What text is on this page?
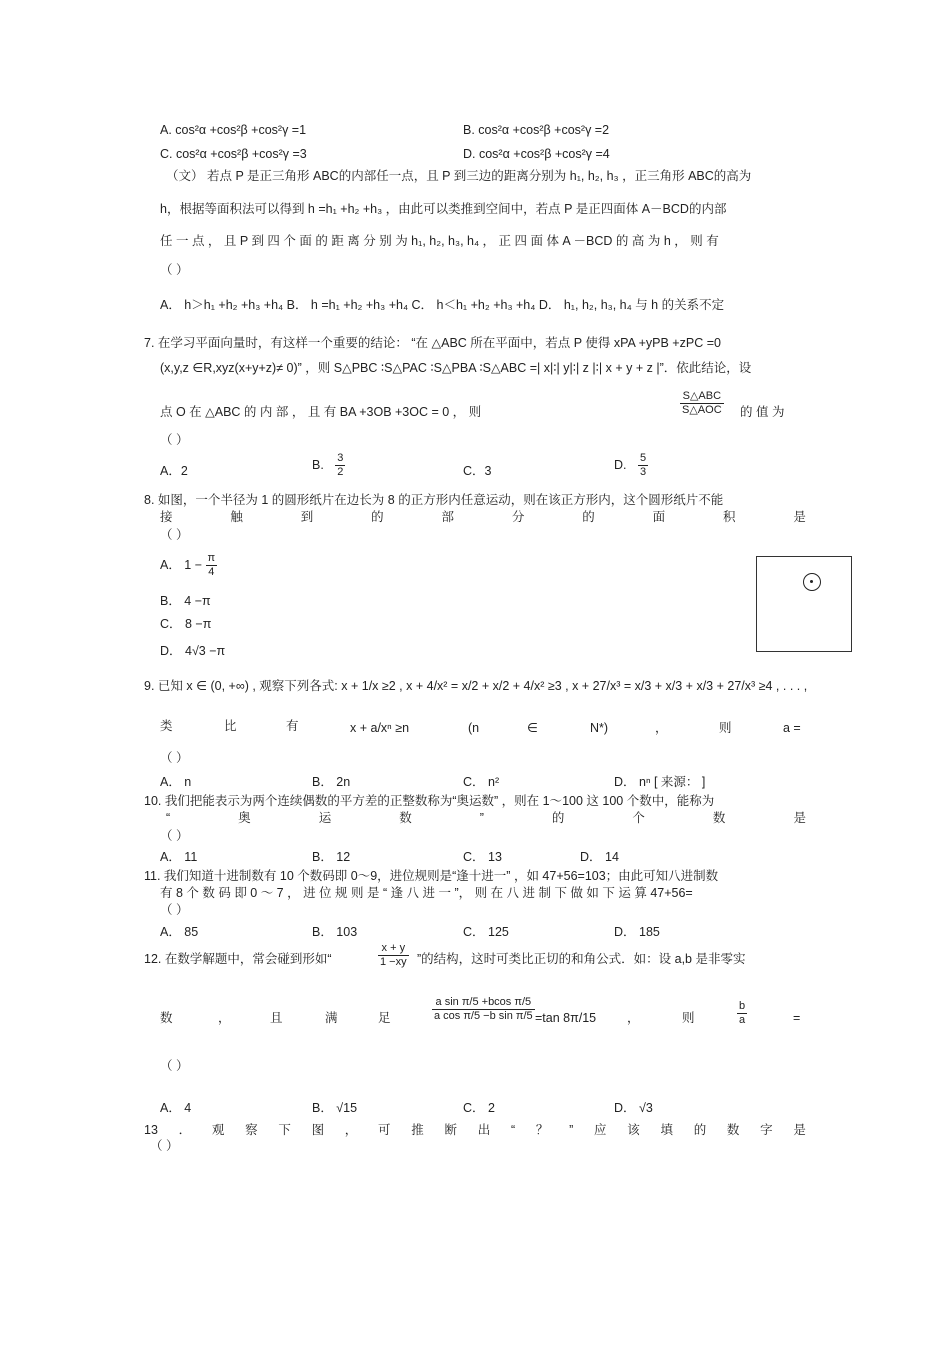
A. cos²α +cos²β +cos²γ =1	B. cos²α +cos²β +cos²γ =2
C. cos²α +cos²β +cos²γ =3	D. cos²α +cos²β +cos²γ =4
（文） 若点 P 是正三角形 ABC的内部任一点，且 P 到三边的距离分别为 h₁, h₂, h₃ ，正三角形 ABC的高为
h，根据等面积法可以得到 h =h₁ +h₂ +h₃ ，由此可以类推到空间中，若点 P 是正四面体 A－BCD的内部
任 一 点 ， 且 P 到 四 个 面 的 距 离 分 别 为 h₁, h₂, h₃, h₄ ， 正 四 面 体 A －BCD 的 高 为 h ， 则 有
（ ）
A． h＞h₁ +h₂ +h₃ +h₄ B． h =h₁ +h₂ +h₃ +h₄ C． h＜h₁ +h₂ +h₃ +h₄ D． h₁, h₂, h₃, h₄ 与 h 的关系不定
7. 在学习平面向量时，有这样一个重要的结论： “在 △ABC 所在平面中，若点 P 使得 xPA +yPB +zPC =0
(x,y,z ∈R,xyz(x+y+z)≠ 0)” ，则 S△PBC ∶S△PAC ∶S△PBA ∶S△ABC =| x|∶| y|∶| z |∶| x + y + z |”．依此结论，设
点 O 在 △ABC 的 内 部 ， 且 有 BA +3OB +3OC = 0 ， 则	$\frac{\text{S△ABC}}{\text{S△AOC}}$ 的 值 为
（ ）
A．2	B. $\frac{3}{2}$	C．3	D. $\frac{5}{3}$
8. 如图，一个半径为 1 的圆形纸片在边长为 8 的正方形内任意运动，则在该正方形内，这个圆形纸片不能
接	触	到	的	部	分	的	面	积	是
（ ）
A． $1 - \frac{\pi}{4}$
B． 4 −π
C． 8 −π
D． 4√3 −π
9. 已知 x ∈ (0, +∞) , 观察下列各式: x + 1/x ≥2 , x + 4/x² = x/2 + x/2 + 4/x² ≥3 , x + 27/x³ = x/3 + x/3 + x/3 + 27/x³ ≥4 , . . . ,
类	比	有	x + a/xⁿ ≥n	(n	∈	N*)	，	则	a =
（ ）
A． n	B． 2n	C． n²	D． nⁿ [ 来源： ]
10. 我们把能表示为两个连续偶数的平方差的正整数称为“奥运数” ，则在 1～100 这 100 个数中，能称为
“	奥	运	数	”	的	个	数	是
（ ）
A． 11	B． 12	C． 13	D． 14
11. 我们知道十进制数有 10 个数码即 0～9，进位规则是“逢十进一” ，如 47+56=103；由此可知八进制数
有 8 个 数 码 即 0 ～ 7 ， 进 位 规 则 是 “ 逢 八 进 一 ”， 则 在 八 进 制 下 做 如 下 运 算 47+56=
（ ）
A． 85	B． 103	C． 125	D． 185
12. 在数学解题中，常会碰到形如“	$\frac{x + y}{1 -xy}$ ”的结构，这时可类比正切的和角公式．如：设 a,b 是非零实
数	，	且	满	足	$\frac{\text{a sin π/5 +bcos π/5}}{\text{a cos π/5 −b sin π/5}} =\tan$ 8π/15 ，	则	$\frac{b}{a}$	=
（ ）
A． 4	B． √15	C． 2	D． √3
13 ． 观 察 下 图 ， 可 推 断 出 “ ？ ” 应 该 填 的 数 字 是
（ ）
